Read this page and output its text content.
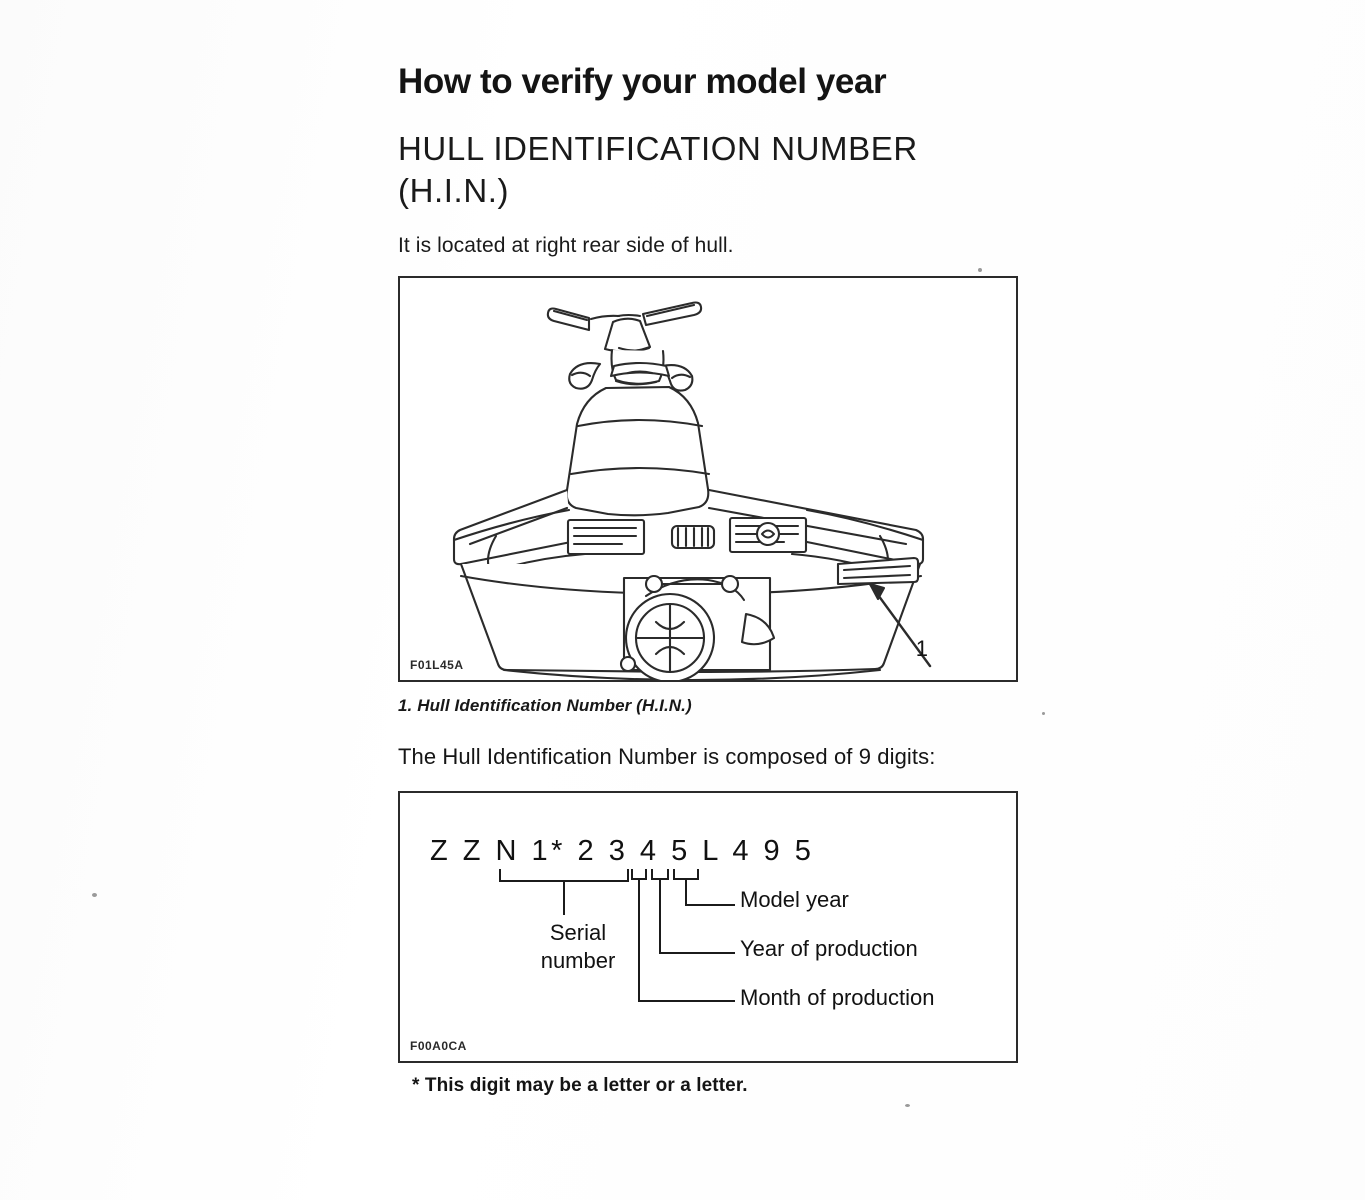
How to verify your model year
HULL IDENTIFICATION NUMBER (H.I.N.)

It is located at right rear side of hull.

1
F01L45A

1. Hull Identification Number (H.I.N.)

The Hull Identification Number is composed of 9 digits:

Z Z N 1* 2 3 4 5 L 4 9 5
Serial
number
Model year
Year of production
Month of production
F00A0CA

* This digit may be a letter or a letter.
